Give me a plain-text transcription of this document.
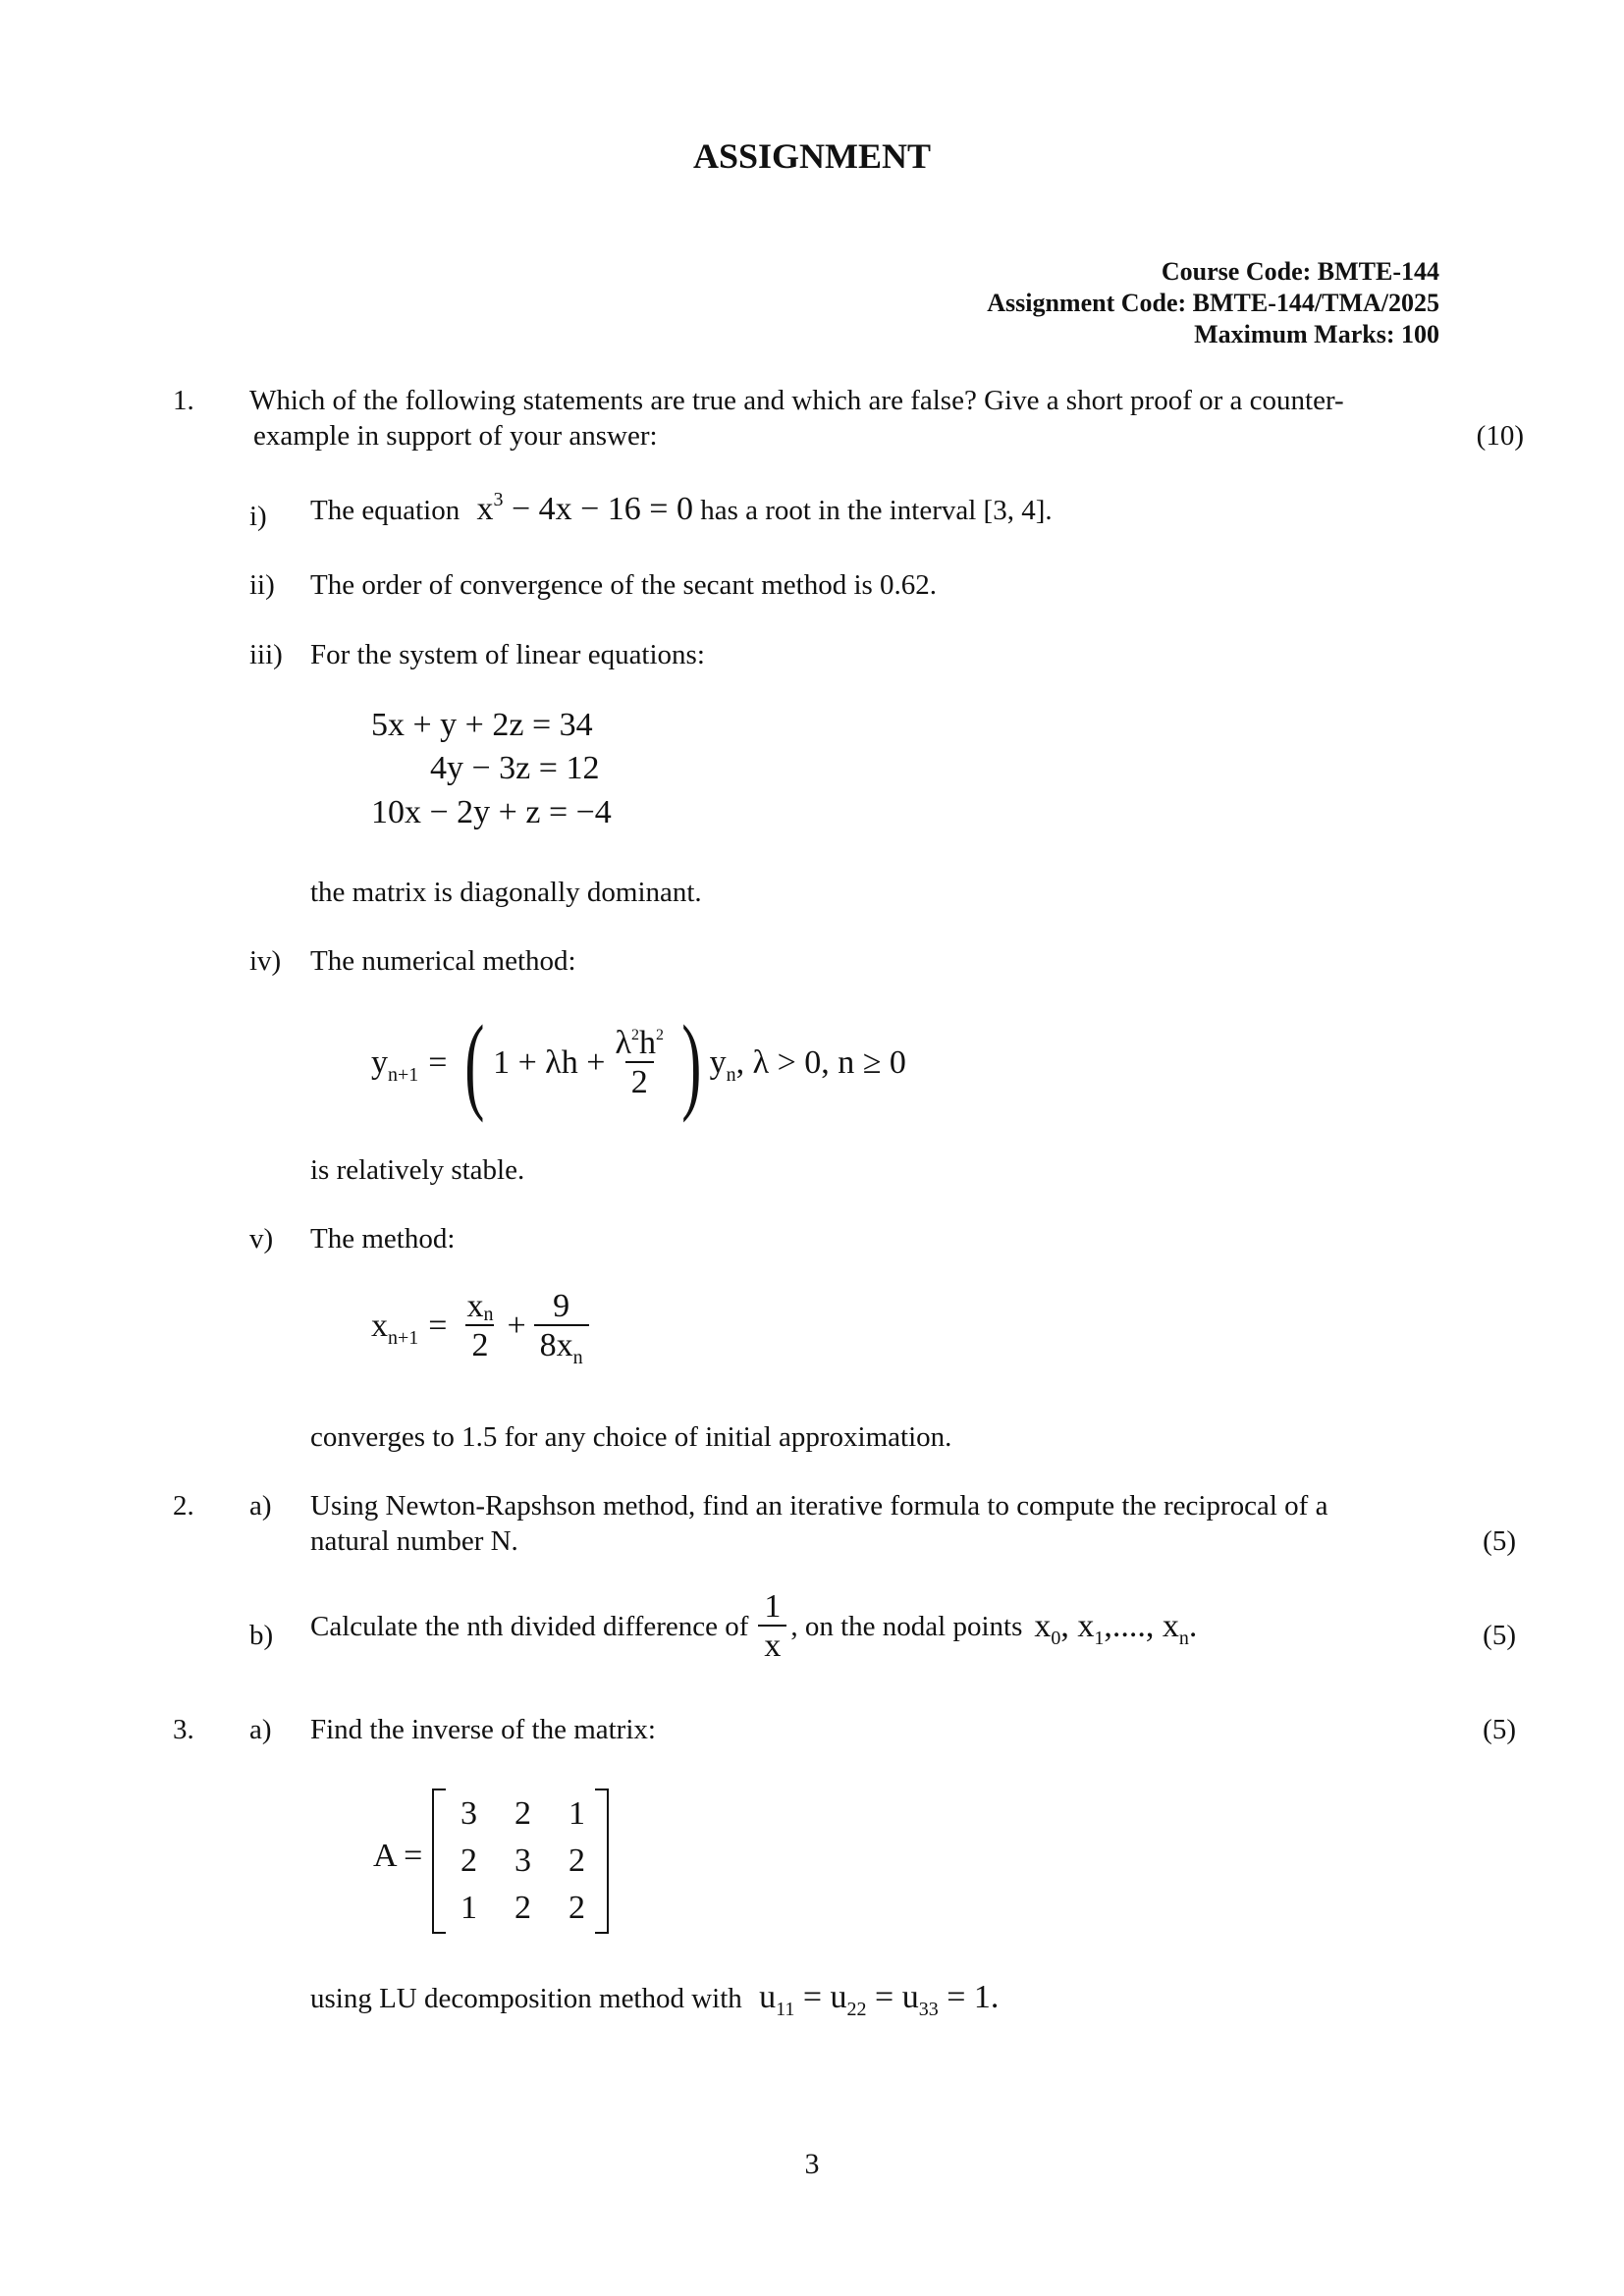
ASSIGNMENT
Course Code: BMTE-144
Assignment Code: BMTE-144/TMA/2025
Maximum Marks: 100
1. Which of the following statements are true and which are false? Give a short proof or a counter-
example in support of your answer:	(10)
i) The equation $x^3 - 4x - 16 = 0$ has a root in the interval [3, 4].
ii) The order of convergence of the secant method is 0.62.
iii) For the system of linear equations:
5x + y + 2z = 34
4y − 3z = 12
10x − 2y + z = −4
the matrix is diagonally dominant.
iv) The numerical method:
$y_{n+1}$ = ( $1 + \lambda h + \frac{\lambda^2h^2}{2}$ ) $y_n$, λ > 0, n ≥ 0
is relatively stable.
v) The method:
$x_{n+1} = \frac{xn}{2} + \frac{9}{8x_n}$
converges to 1.5 for any choice of initial approximation.
2. a) Using Newton-Rapshson method, find an iterative formula to compute the reciprocal of a
natural number N.	(5)
b) Calculate the nth divided difference of $\frac{1}{x}$ , on the nodal points $x_0$, $x_1$,...., $x_n$.	(5)
3. a) Find the inverse of the matrix:	(5)
A =
3	2	1
2	3	2
1	2	2
using LU decomposition method with $u_{11} = u_{22} = u_{33} = 1$.
3
